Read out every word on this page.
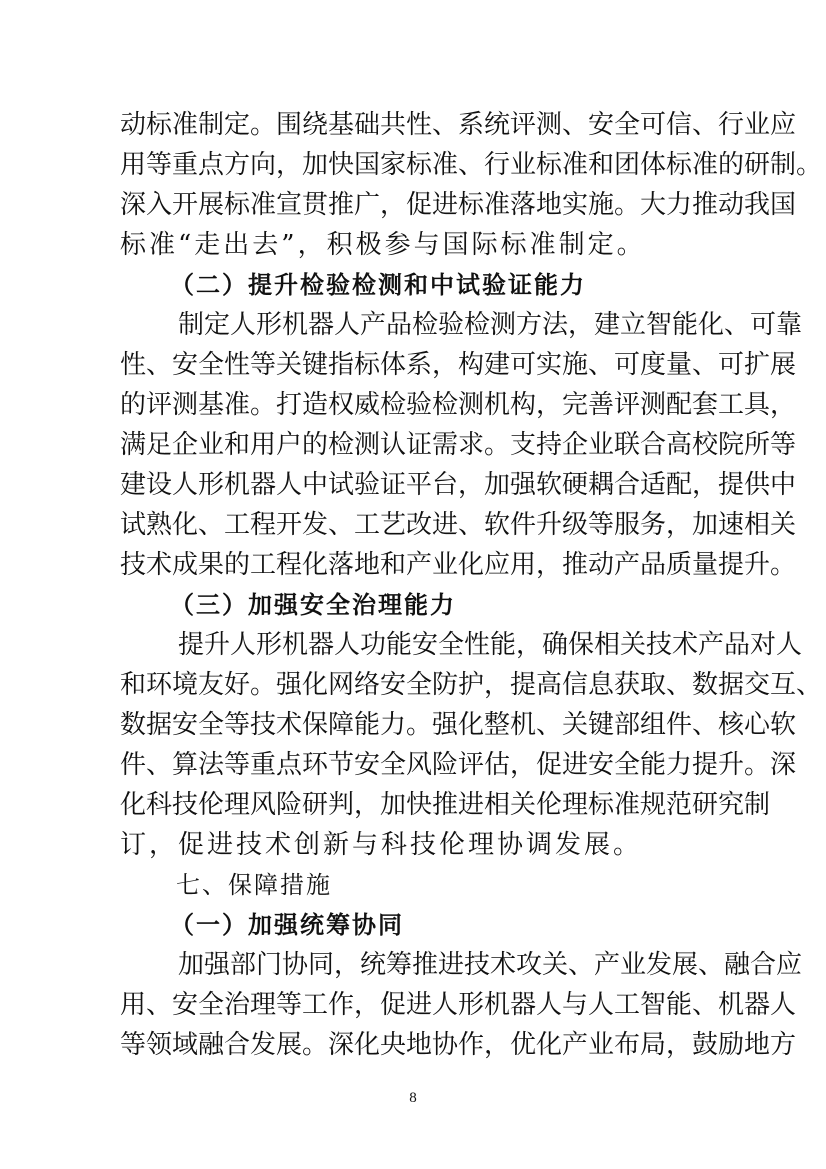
动标准制定。围绕基础共性、系统评测、安全可信、行业应
用等重点方向，加快国家标准、行业标准和团体标准的研制。
深入开展标准宣贯推广，促进标准落地实施。大力推动我国
标准“走出去”，积极参与国际标准制定。
（二）提升检验检测和中试验证能力
制定人形机器人产品检验检测方法，建立智能化、可靠
性、安全性等关键指标体系，构建可实施、可度量、可扩展
的评测基准。打造权威检验检测机构，完善评测配套工具，
满足企业和用户的检测认证需求。支持企业联合高校院所等
建设人形机器人中试验证平台，加强软硬耦合适配，提供中
试熟化、工程开发、工艺改进、软件升级等服务，加速相关
技术成果的工程化落地和产业化应用，推动产品质量提升。
（三）加强安全治理能力
提升人形机器人功能安全性能，确保相关技术产品对人
和环境友好。强化网络安全防护，提高信息获取、数据交互、
数据安全等技术保障能力。强化整机、关键部组件、核心软
件、算法等重点环节安全风险评估，促进安全能力提升。深
化科技伦理风险研判，加快推进相关伦理标准规范研究制
订，促进技术创新与科技伦理协调发展。
七、保障措施
（一）加强统筹协同
加强部门协同，统筹推进技术攻关、产业发展、融合应
用、安全治理等工作，促进人形机器人与人工智能、机器人
等领域融合发展。深化央地协作，优化产业布局，鼓励地方
8
